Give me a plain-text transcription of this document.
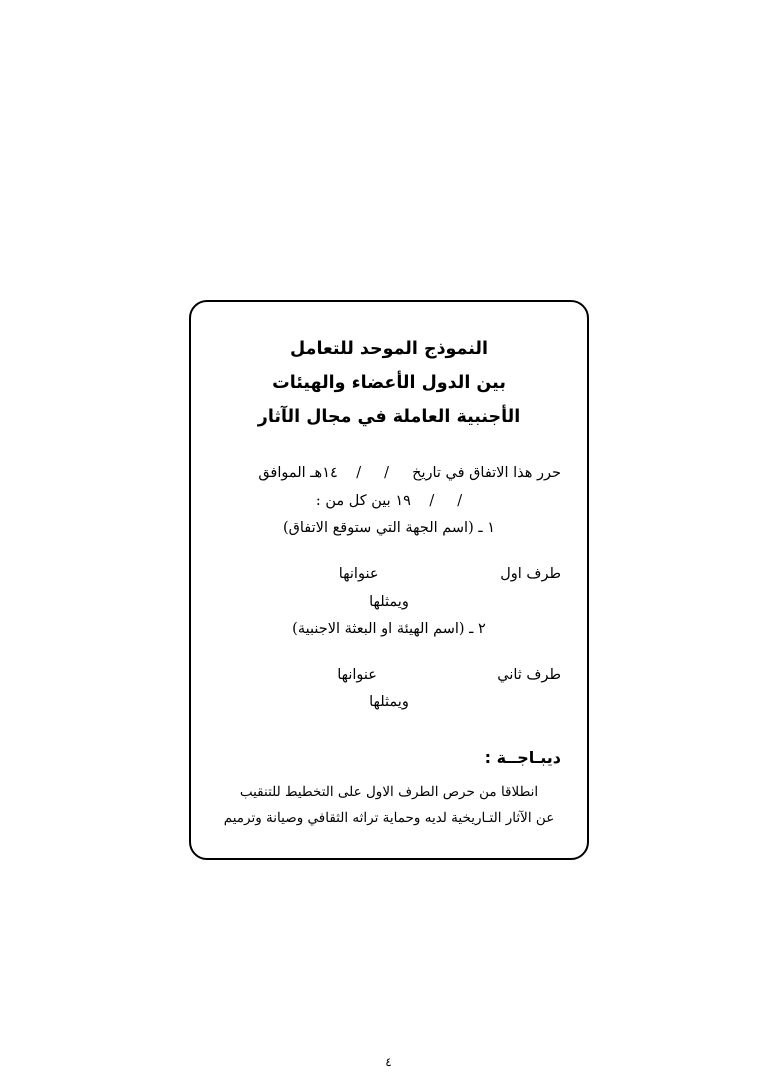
النموذج الموحد للتعامل
بين الدول الأعضاء والهيئات
الأجنبية العاملة في مجال الآثار
حرر هذا الاتفاق في تاريخ     /     /    ١٤هـ الموافق
/     /    ١٩ بين كل من :
١ ـ (اسم الجهة التي ستوقع الاتفاق)
طرف اول
عنوانها
ويمثلها
٢ ـ (اسم الهيئة او البعثة الاجنبية)
طرف ثاني
عنوانها
ويمثلها
ديبـاجــة :
انطلاقا من حرص الطرف الاول على التخطيط للتنقيب
عن الآثار التـاريخية لديه وحماية تراثه الثقافي وصيانة وترميم
٤
